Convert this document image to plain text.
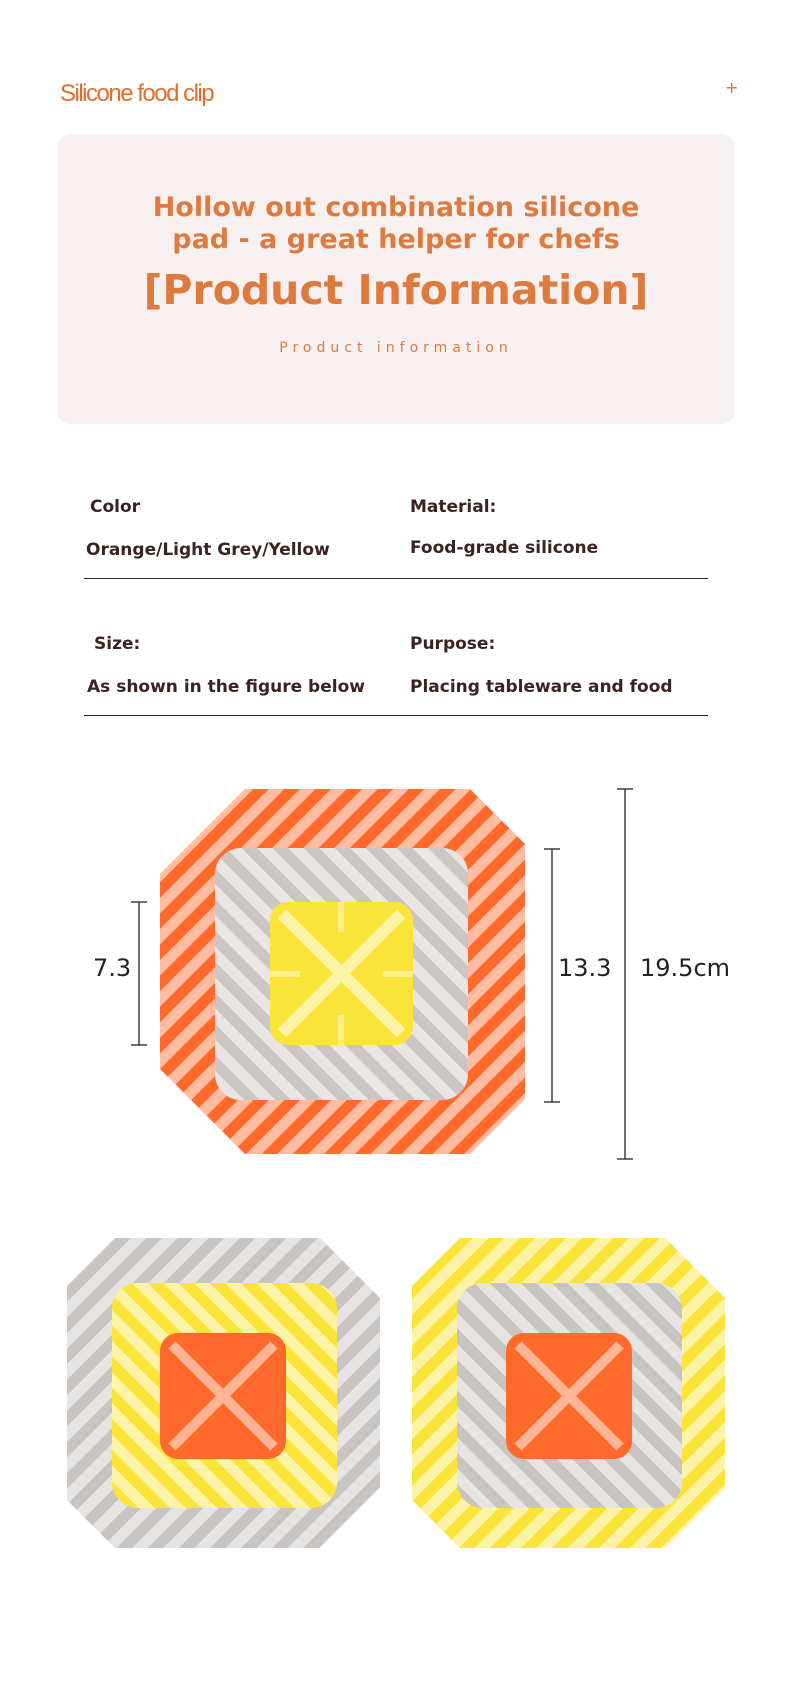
Silicone food clip	+
Hollow out combination silicone
pad - a great helper for chefs
[Product Information]
Product information
Color
Orange/Light Grey/Yellow
Material:
Food-grade silicone
Size:
As shown in the figure below
Purpose:
Placing tableware and food
7.3	13.3 19.5cm
